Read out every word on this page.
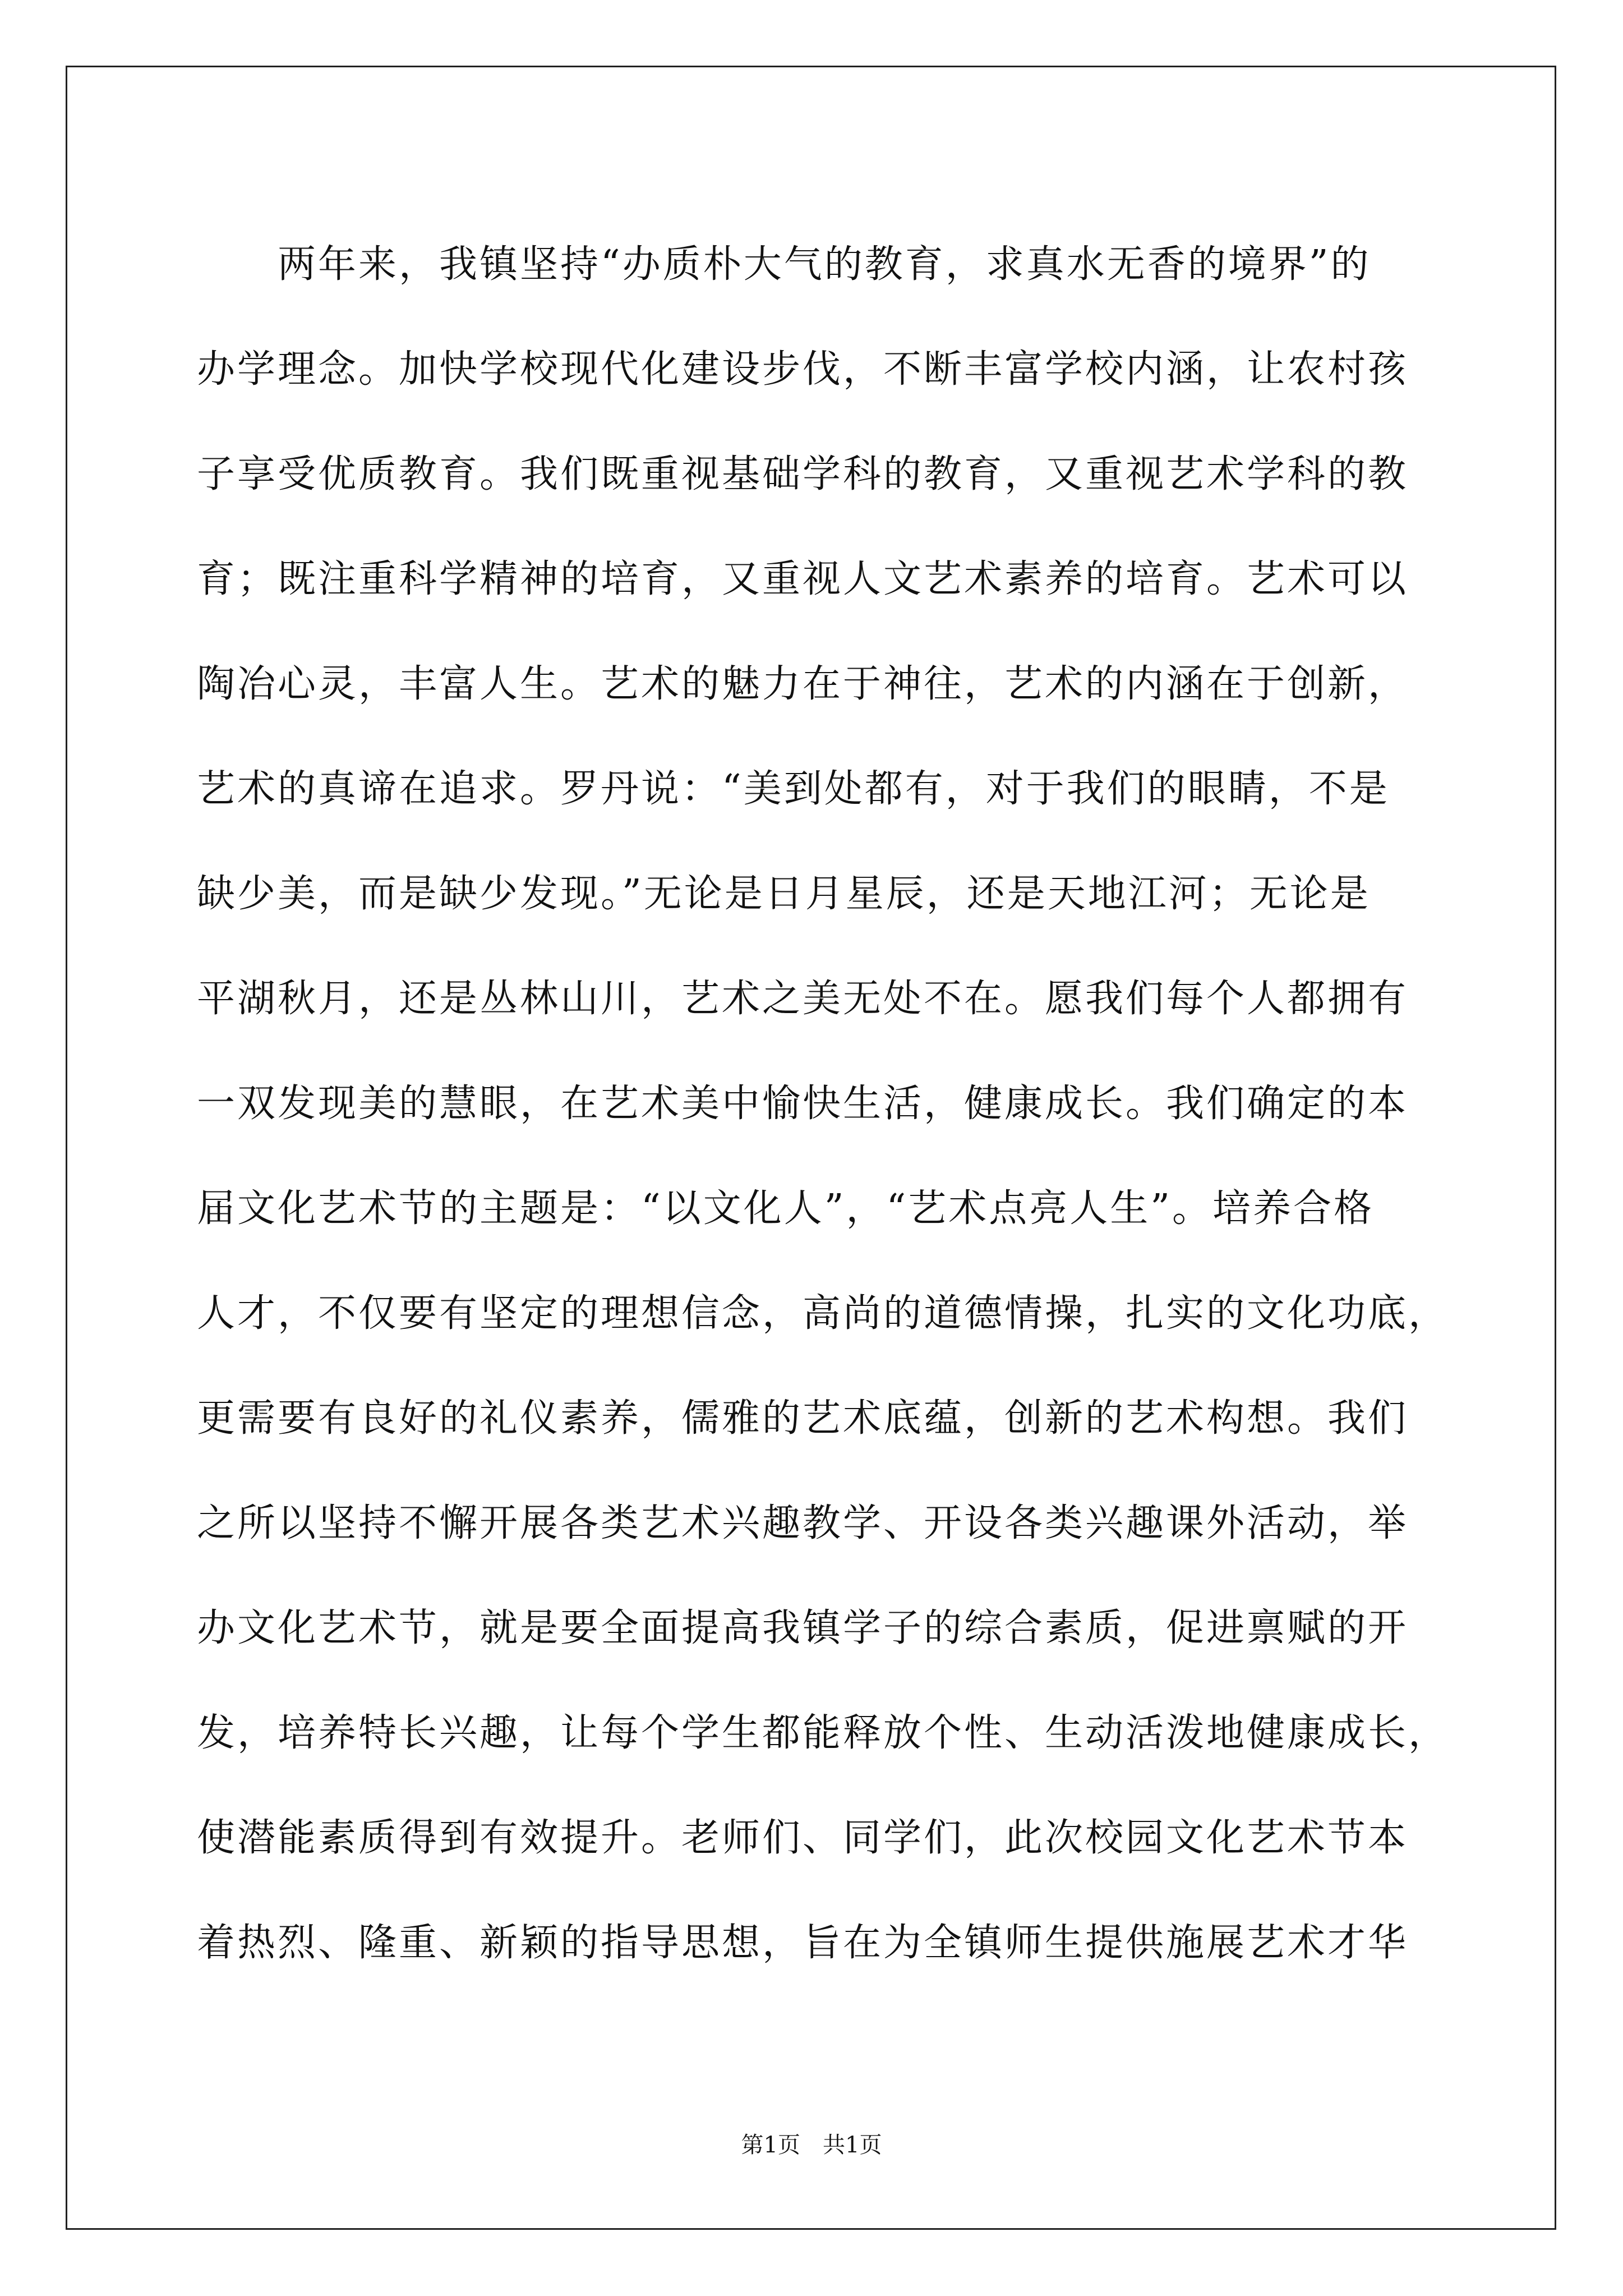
　　两年来，我镇坚持“办质朴大气的教育，求真水无香的境界”的
办学理念。加快学校现代化建设步伐，不断丰富学校内涵，让农村孩
子享受优质教育。我们既重视基础学科的教育，又重视艺术学科的教
育；既注重科学精神的培育，又重视人文艺术素养的培育。艺术可以
陶冶心灵，丰富人生。艺术的魅力在于神往，艺术的内涵在于创新，
艺术的真谛在追求。罗丹说：“美到处都有，对于我们的眼睛，不是
缺少美，而是缺少发现。”无论是日月星辰，还是天地江河；无论是
平湖秋月，还是丛林山川，艺术之美无处不在。愿我们每个人都拥有
一双发现美的慧眼，在艺术美中愉快生活，健康成长。我们确定的本
届文化艺术节的主题是：“以文化人”，“艺术点亮人生”。培养合格
人才，不仅要有坚定的理想信念，高尚的道德情操，扎实的文化功底，
更需要有良好的礼仪素养，儒雅的艺术底蕴，创新的艺术构想。我们
之所以坚持不懈开展各类艺术兴趣教学、开设各类兴趣课外活动，举
办文化艺术节，就是要全面提高我镇学子的综合素质，促进禀赋的开
发，培养特长兴趣，让每个学生都能释放个性、生动活泼地健康成长，
使潜能素质得到有效提升。老师们、同学们，此次校园文化艺术节本
着热烈、隆重、新颖的指导思想，旨在为全镇师生提供施展艺术才华
第1页　共1页
